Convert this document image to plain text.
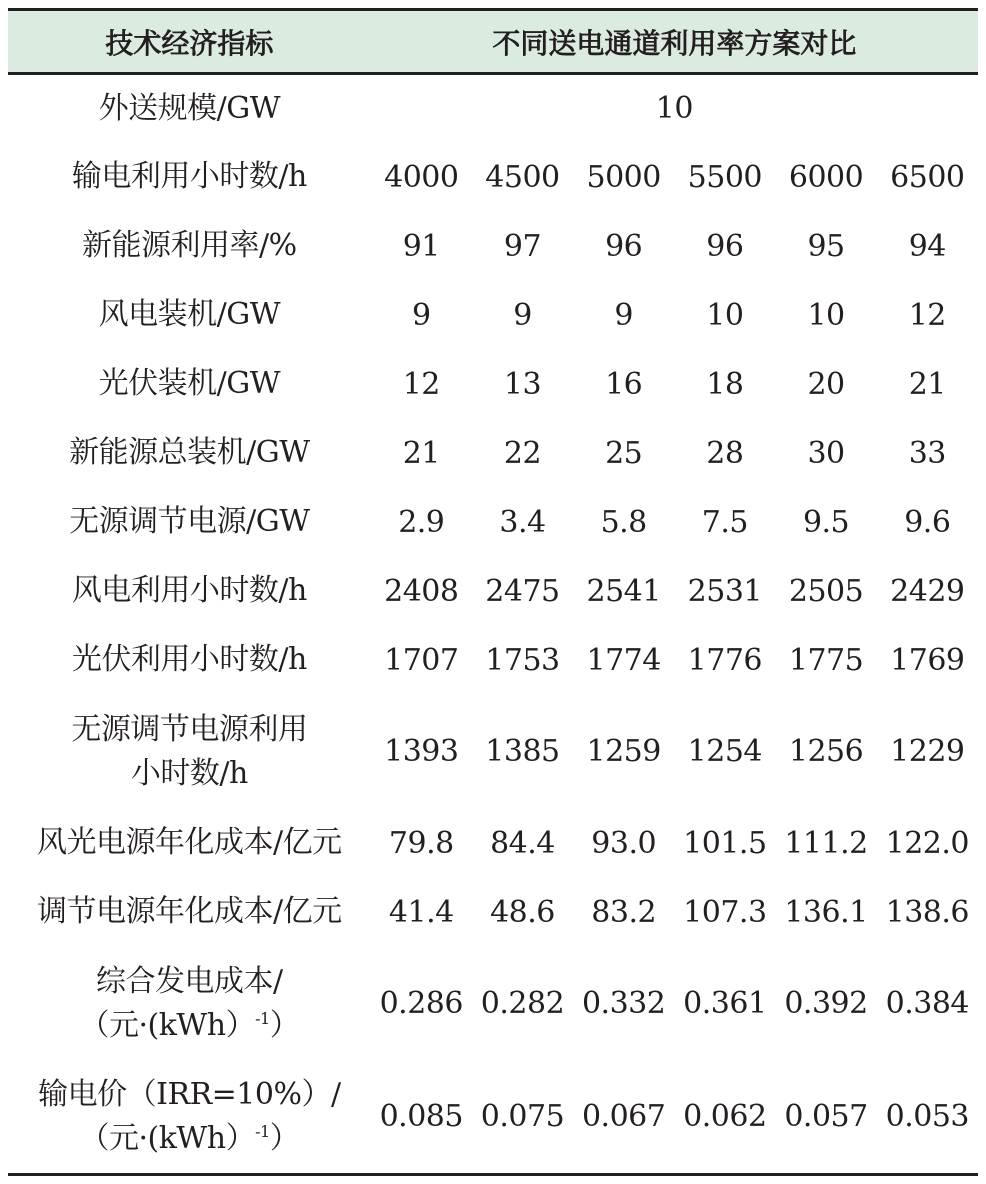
技术经济指标	不同送电通道利用率方案对比					
外送规模/GW	10					
输电利用小时数/h	4000	4500	5000	5500	6000	6500
新能源利用率/%	91	97	96	96	95	94
风电装机/GW	9	9	9	10	10	12
光伏装机/GW	12	13	16	18	20	21
新能源总装机/GW	21	22	25	28	30	33
无源调节电源/GW	2.9	3.4	5.8	7.5	9.5	9.6
风电利用小时数/h	2408	2475	2541	2531	2505	2429
光伏利用小时数/h	1707	1753	1774	1776	1775	1769
无源调节电源利用
小时数/h	1393	1385	1259	1254	1256	1229
风光电源年化成本/亿元	79.8	84.4	93.0	101.5	111.2	122.0
调节电源年化成本/亿元	41.4	48.6	83.2	107.3	136.1	138.6
综合发电成本/
（元·(kWh）$^{-1}$）	0.286	0.282	0.332	0.361	0.392	0.384
输电价（IRR=10%）/
（元·(kWh）$^{-1}$）	0.085	0.075	0.067	0.062	0.057	0.053
